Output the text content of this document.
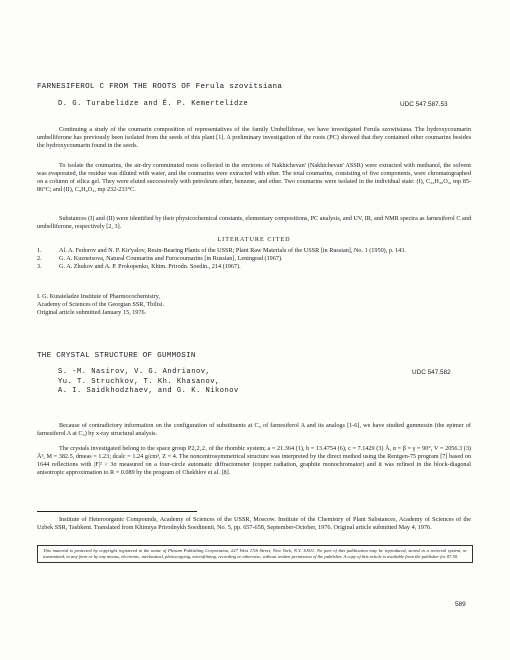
FARNESIFEROL C FROM THE ROOTS OF Ferula szovitsiana
D. G. Turabelidze and É. P. Kemertelidze	UDC 547.587.53
Continuing a study of the coumarin composition of representatives of the family Umbelliferae, we have investigated Ferula szowitsiana. The hydroxycoumarin umbelliferone has previously been isolated from the seeds of this plant [1]. A preliminary investigation of the roots (PC) showed that they contained other coumarins besides the hydroxycoumarin found in the seeds.
To isolate the coumarins, the air-dry comminuted roots collected in the environs of Nakhichevan' (Nakhichevan' ASSR) were extracted with methanol, the solvent was evaporated, the residue was diluted with water, and the coumarins were extracted with ether. The total coumarins, consisting of five components, were chromatographed on a column of silica gel. They were eluted successively with petroleum ether, benzene, and ether. Two coumarins were isolated in the individual state: (I), C₂₄H₃₀O₄, mp 85-86°C; and (II), C₉H₆O₃, mp 232-233°C.
Substances (I) and (II) were identified by their physicochemical constants, elementary compositions, PC analysis, and UV, IR, and NMR spectra as farnesiferol C and umbelliferone, respectively [2, 3].
LITERATURE CITED
1.	Al. A. Fedorov and N. P. Kir'yalov, Resin-Bearing Plants of the USSR; Plant Raw Materials of the USSR [in Russian], No. 1 (1950), p. 143.
2.	G. A. Kuznetsova, Natural Coumarins and Furocoumarins [in Russian], Leningrad (1967).
3.	G. A. Zhukov and A. P. Prokopenko, Khim. Prirodn. Soedin., 214 (1967).
I. G. Kutateladze Institute of Pharmocochemistry,
Academy of Sciences of the Georgian SSR, Tbilisi.
Original article submitted January 15, 1976.
THE CRYSTAL STRUCTURE OF GUMMOSIN
S. -M. Nasirov, V. G. Andrianov,
Yu. T. Struchkov, T. Kh. Khasanov,
A. I. Saidkhodzhaev, and G. K. Nikonov
UDC 547.582
Because of contradictory information on the configuration of substituents at C₉ of farnesiferol A and its analogs [1-6], we have studied gummosin (the epimer of farnesiferol A at C₃) by x-ray structural analysis.
The crystals investigated belong to the space group P2₁2₁2₁ of the rhombic system; a = 21.364 (1), b = 13.4754 (6), c = 7.1429 (3) Å, α = β = γ = 90°, V = 2056.3 (3) Å³, M = 382.5, dmeas = 1.23; dcalc = 1.24 g/cm³, Z = 4. The noncentrosymmetrical structure was interpreted by the direct method using the Rentgen-75 program [7] based on 1644 reflections with |F|² > 3σ measured on a four-circle automatic diffractometer (copper radiation, graphite monochromator) and it was refined in the block-diagonal anisotropic approximation to R = 0.089 by the program of Chekhlov et al. [8].
Institute of Heteroorganic Compounds, Academy of Sciences of the USSR, Moscow. Institute of the Chemistry of Plant Substances, Academy of Sciences of the Uzbek SSR, Tashkent. Translated from Khimiya Prirodnykh Soedinenii, No. 5, pp. 657-658, September-October, 1976. Original article submitted May 4, 1976.
This material is protected by copyright registered in the name of Plenum Publishing Corporation, 227 West 17th Street, New York, N.Y. 10011. No part of this publication may be reproduced, stored in a retrieval system, or transmitted, in any form or by any means, electronic, mechanical, photocopying, microfilming, recording or otherwise, without written permission of the publisher. A copy of this article is available from the publisher for $7.50.
589
